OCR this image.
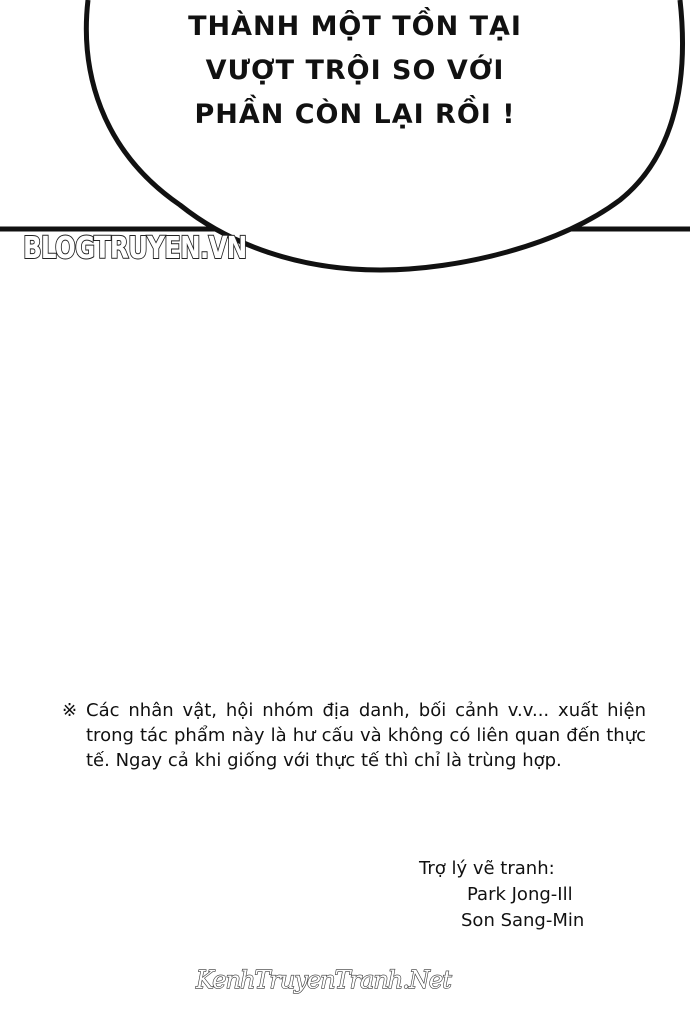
THÀNH MỘT TỒN TẠI
VƯỢT TRỘI SO VỚI
PHẦN CÒN LẠI RỒI !
BLOGTRUYEN.VN
※ Các nhân vật, hội nhóm địa danh, bối cảnh v.v... xuất hiện trong tác phẩm này là hư cấu và không có liên quan đến thực tế. Ngay cả khi giống với thực tế thì chỉ là trùng hợp.
Trợ lý vẽ tranh:
Park Jong-Ill
Son Sang-Min
KenhTruyenTranh.Net
